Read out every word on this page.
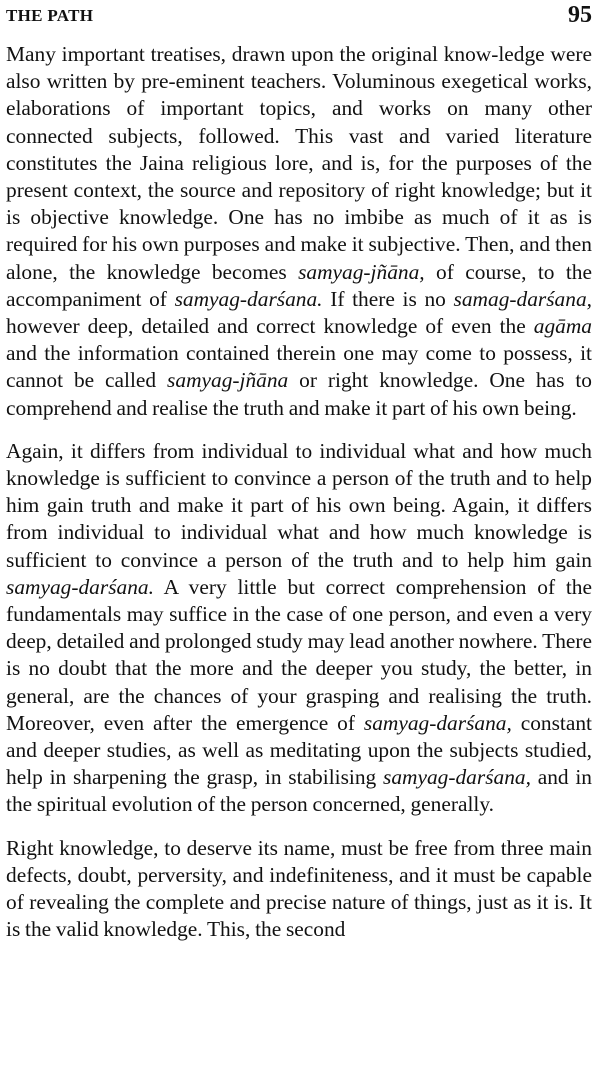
THE PATH	95

Many important treatises, drawn upon the original know-ledge were also written by pre-eminent teachers. Voluminous exegetical works, elaborations of important topics, and works on many other connected subjects, followed. This vast and varied literature constitutes the Jaina religious lore, and is, for the purposes of the present context, the source and repository of right knowledge; but it is objective knowledge. One has no imbibe as much of it as is required for his own purposes and make it subjective. Then, and then alone, the knowledge becomes samyag-jñāna, of course, to the accompaniment of samyag-darśana. If there is no samag-darśana, however deep, detailed and correct knowledge of even the agāma and the information contained therein one may come to possess, it cannot be called samyag-jñāna or right knowledge. One has to comprehend and realise the truth and make it part of his own being.

Again, it differs from individual to individual what and how much knowledge is sufficient to convince a person of the truth and to help him gain truth and make it part of his own being. Again, it differs from individual to individual what and how much knowledge is sufficient to convince a person of the truth and to help him gain samyag-darśana. A very little but correct comprehension of the fundamentals may suffice in the case of one person, and even a very deep, detailed and prolonged study may lead another nowhere. There is no doubt that the more and the deeper you study, the better, in general, are the chances of your grasping and realising the truth. Moreover, even after the emergence of samyag-darśana, constant and deeper studies, as well as meditating upon the subjects studied, help in sharpening the grasp, in stabilising samyag-darśana, and in the spiritual evolution of the person concerned, generally.

Right knowledge, to deserve its name, must be free from three main defects, doubt, perversity, and indefiniteness, and it must be capable of revealing the complete and precise nature of things, just as it is. It is the valid knowledge. This, the second
